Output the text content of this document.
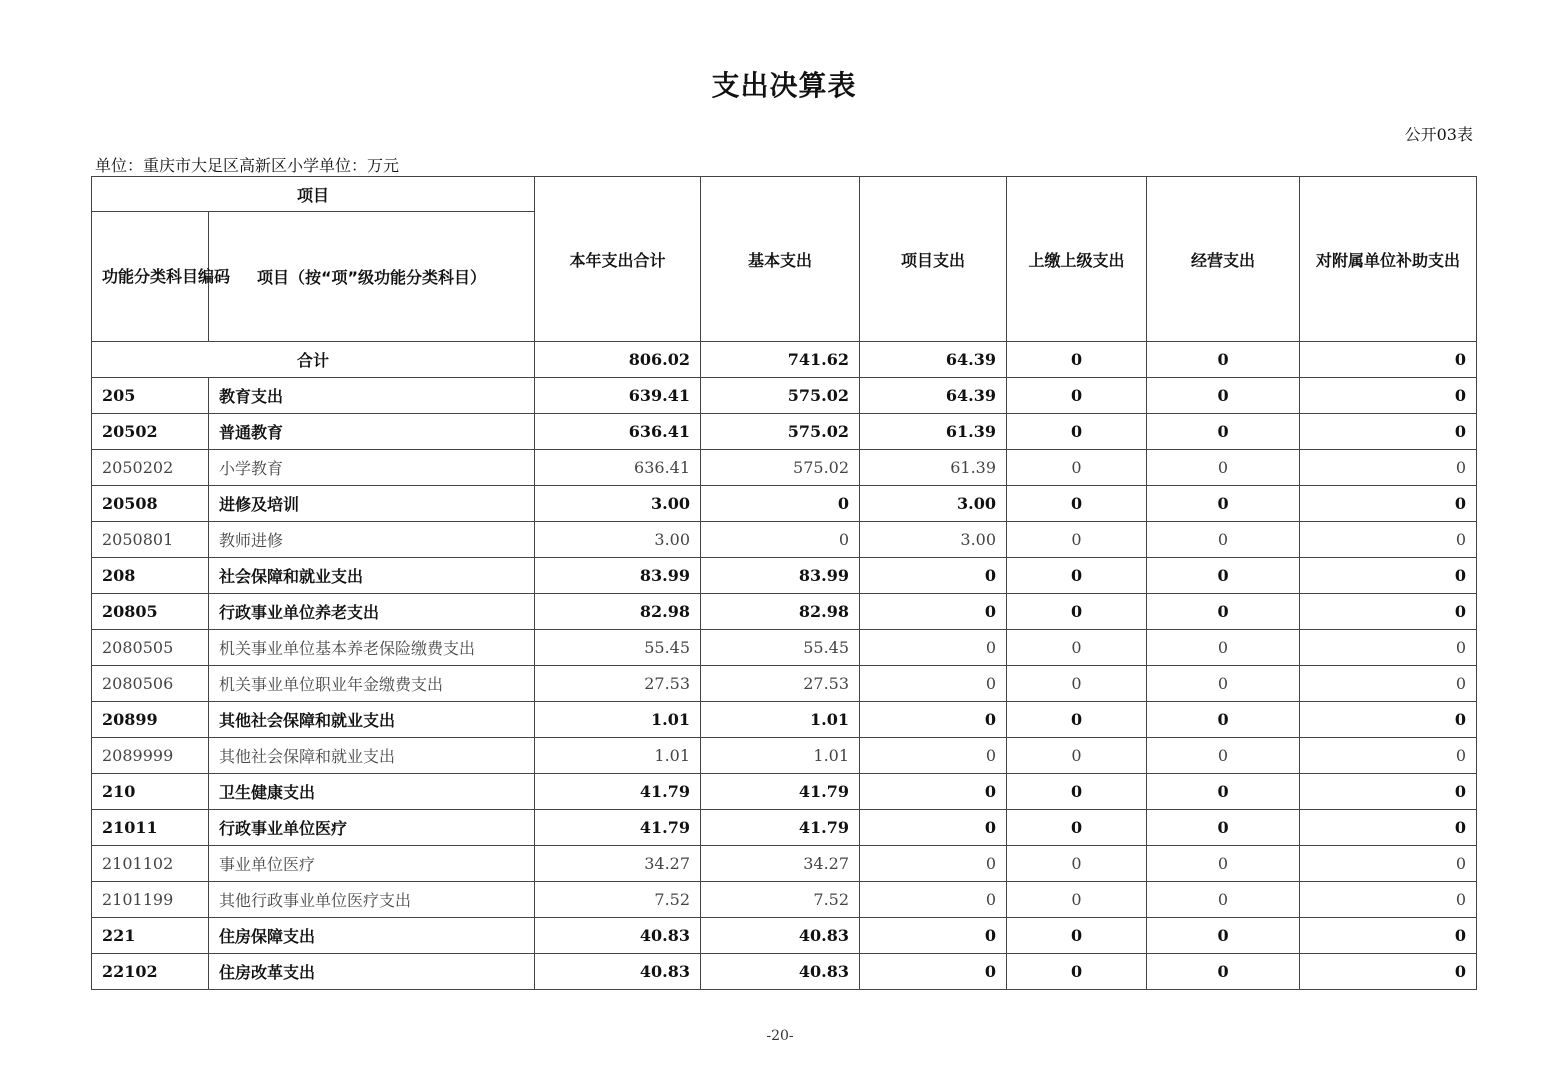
支出决算表
公开03表
单位：重庆市大足区高新区小学单位：万元
项目		本年支出合计	基本支出	项目支出	上缴上级支出	经营支出	对附属单位补助支出
功能分类科目编码	项目（按“项”级功能分类科目）						
合计		806.02	741.62	64.39	0	0	0
205	教育支出	639.41	575.02	64.39	0	0	0
20502	普通教育	636.41	575.02	61.39	0	0	0
2050202	小学教育	636.41	575.02	61.39	0	0	0
20508	进修及培训	3.00	0	3.00	0	0	0
2050801	教师进修	3.00	0	3.00	0	0	0
208	社会保障和就业支出	83.99	83.99	0	0	0	0
20805	行政事业单位养老支出	82.98	82.98	0	0	0	0
2080505	机关事业单位基本养老保险缴费支出	55.45	55.45	0	0	0	0
2080506	机关事业单位职业年金缴费支出	27.53	27.53	0	0	0	0
20899	其他社会保障和就业支出	1.01	1.01	0	0	0	0
2089999	其他社会保障和就业支出	1.01	1.01	0	0	0	0
210	卫生健康支出	41.79	41.79	0	0	0	0
21011	行政事业单位医疗	41.79	41.79	0	0	0	0
2101102	事业单位医疗	34.27	34.27	0	0	0	0
2101199	其他行政事业单位医疗支出	7.52	7.52	0	0	0	0
221	住房保障支出	40.83	40.83	0	0	0	0
22102	住房改革支出	40.83	40.83	0	0	0	0
-20-
